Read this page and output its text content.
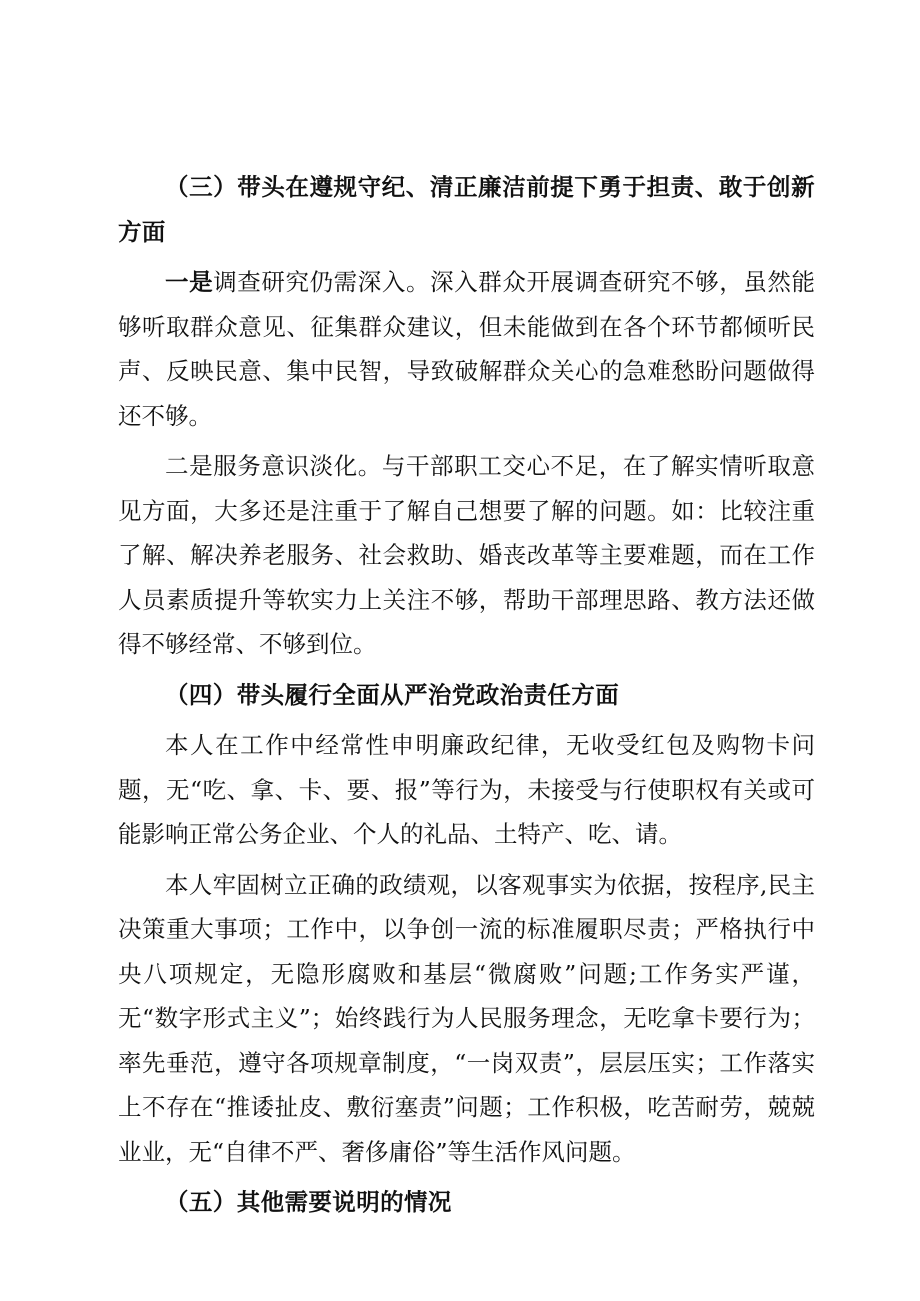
（三）带头在遵规守纪、清正廉洁前提下勇于担责、敢于创新方面

一是调查研究仍需深入。深入群众开展调查研究不够，虽然能够听取群众意见、征集群众建议，但未能做到在各个环节都倾听民声、反映民意、集中民智，导致破解群众关心的急难愁盼问题做得还不够。

二是服务意识淡化。与干部职工交心不足，在了解实情听取意见方面，大多还是注重于了解自己想要了解的问题。如：比较注重了解、解决养老服务、社会救助、婚丧改革等主要难题，而在工作人员素质提升等软实力上关注不够，帮助干部理思路、教方法还做得不够经常、不够到位。

（四）带头履行全面从严治党政治责任方面

本人在工作中经常性申明廉政纪律，无收受红包及购物卡问题，无“吃、拿、卡、要、报”等行为，未接受与行使职权有关或可能影响正常公务企业、个人的礼品、土特产、吃、请。

本人牢固树立正确的政绩观，以客观事实为依据，按程序,民主决策重大事项；工作中，以争创一流的标准履职尽责；严格执行中央八项规定，无隐形腐败和基层“微腐败”问题;工作务实严谨，无“数字形式主义”；始终践行为人民服务理念，无吃拿卡要行为；率先垂范，遵守各项规章制度，“一岗双责”，层层压实；工作落实上不存在“推诿扯皮、敷衍塞责”问题；工作积极，吃苦耐劳，兢兢业业，无“自律不严、奢侈庸俗”等生活作风问题。

（五）其他需要说明的情况
